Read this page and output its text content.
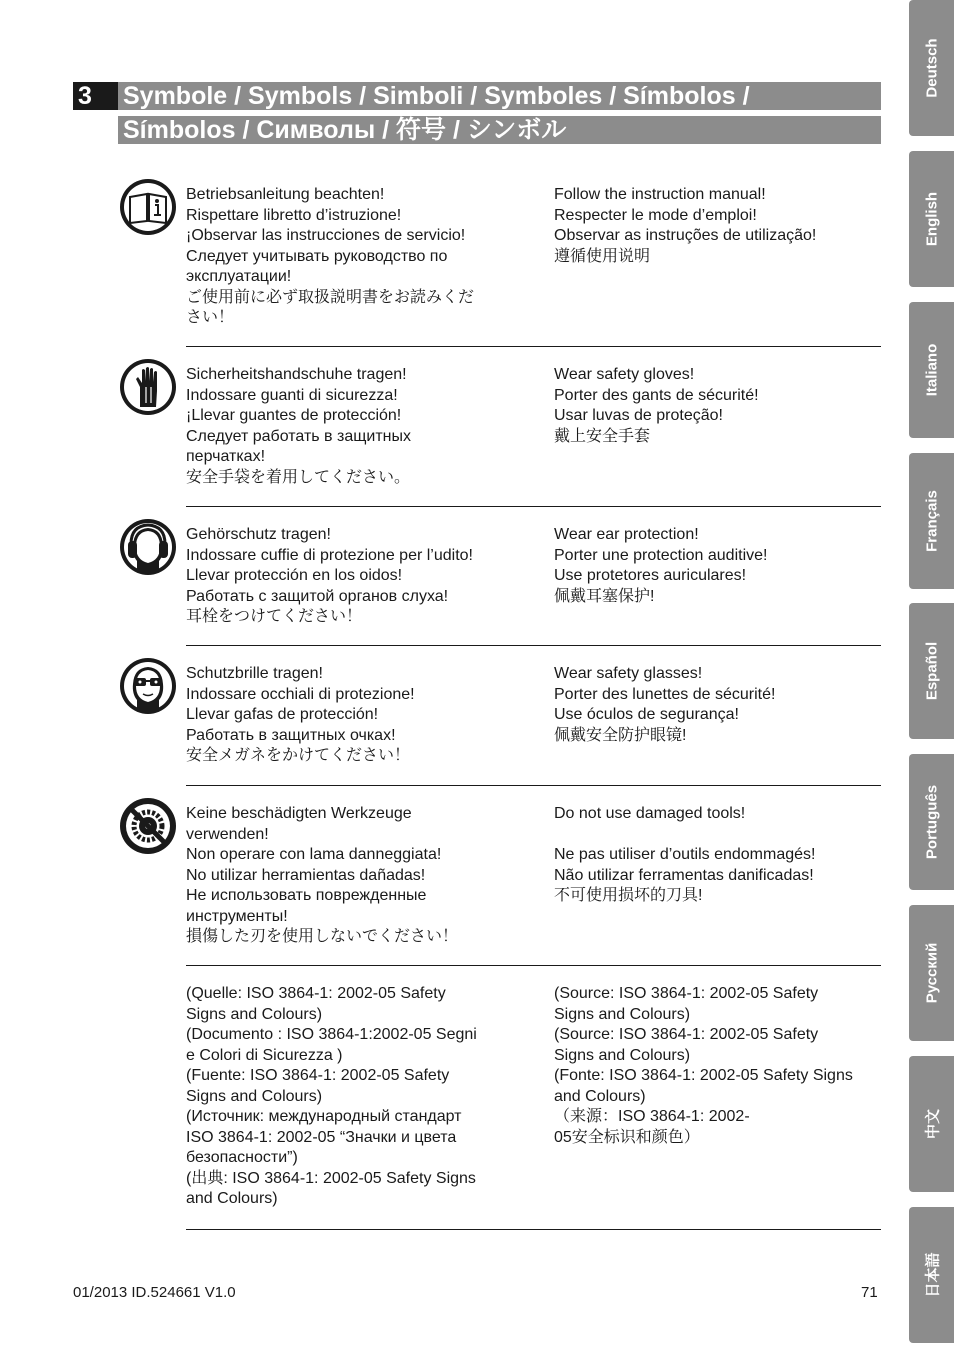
3	Symbole / Symbols / Simboli / Symboles / Símbolos /
Símbolos / Символы / 符号 / シンボル
Betriebsanleitung beachten!
Rispettare libretto d’istruzione!
¡Observar las instrucciones de servicio!
Следует учитывать руководство по
эксплуатации!
ご使用前に必ず取扱説明書をお読みくだ
さい！
Follow the instruction manual!
Respecter le mode d’emploi!
Observar as instruções de utilização!
遵循使用说明
Sicherheitshandschuhe tragen!
Indossare guanti di sicurezza!
¡Llevar guantes de protección!
Следует работать в защитных
перчатках!
安全手袋を着用してください。
Wear safety gloves!
Porter des gants de sécurité!
Usar luvas de proteção!
戴上安全手套
Gehörschutz tragen!
Indossare cuffie di protezione per l’udito!
Llevar protección en los oidos!
Работать с защитой органов слуха!
耳栓をつけてください！
Wear ear protection!
Porter une protection auditive!
Use protetores auriculares!
佩戴耳塞保护!
Schutzbrille tragen!
Indossare occhiali di protezione!
Llevar gafas de protección!
Работать в защитных очках!
安全メガネをかけてください！
Wear safety glasses!
Porter des lunettes de sécurité!
Use óculos de segurança!
佩戴安全防护眼镜!
Keine beschädigten Werkzeuge
verwenden!
Non operare con lama danneggiata!
No utilizar herramientas dañadas!
Не использовать поврежденные
инструменты!
損傷した刃を使用しないでください！
Do not use damaged tools!

Ne pas utiliser d’outils endommagés!
Não utilizar ferramentas danificadas!
不可使用损坏的刀具!
(Quelle: ISO 3864-1: 2002-05 Safety
Signs and Colours)
(Documento : ISO 3864-1:2002-05 Segni
e Colori di Sicurezza )
(Fuente: ISO 3864-1: 2002-05 Safety
Signs and Colours)
(Источник: международный стандарт
ISO 3864-1: 2002-05 “Значки и цвета
безопасности”)
(出典: ISO 3864-1: 2002-05 Safety Signs
and Colours)
(Source: ISO 3864-1: 2002-05 Safety
Signs and Colours)
(Source: ISO 3864-1: 2002-05 Safety
Signs and Colours)
(Fonte: ISO 3864-1: 2002-05 Safety Signs
and Colours)
（来源：ISO 3864-1: 2002-
05安全标识和颜色）
Deutsch
English
Italiano
Français
Español
Português
Русский
中文
日本語
01/2013 ID.524661 V1.0	71
